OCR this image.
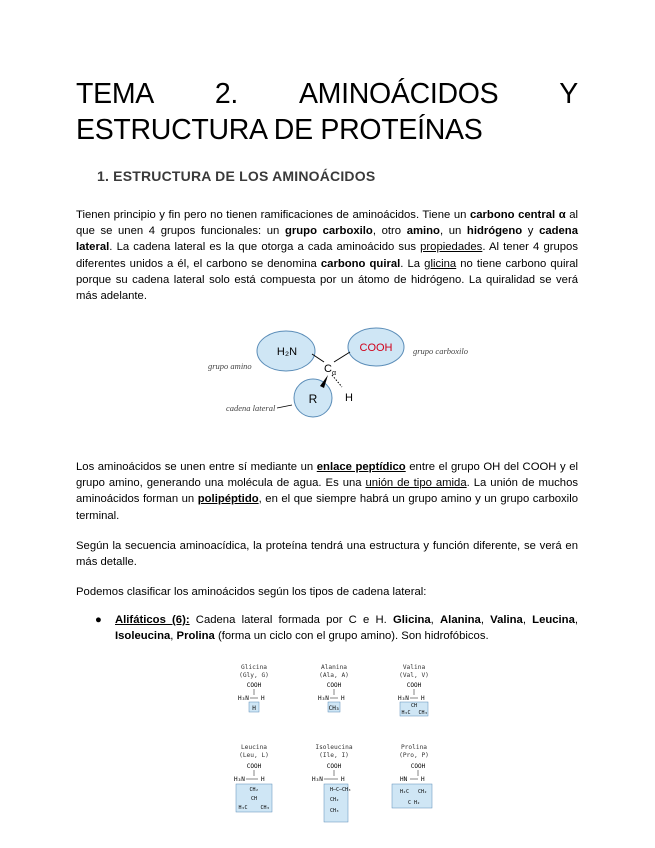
TEMA 2. AMINOÁCIDOS Y
ESTRUCTURA DE PROTEÍNAS
1. ESTRUCTURA DE LOS AMINOÁCIDOS

Tienen principio y fin pero no tienen ramificaciones de aminoácidos. Tiene un carbono central α al que se unen 4 grupos funcionales: un grupo carboxilo, otro amino, un hidrógeno y cadena lateral. La cadena lateral es la que otorga a cada aminoácido sus propiedades. Al tener 4 grupos diferentes unidos a él, el carbono se denomina carbono quiral. La glicina no tiene carbono quiral porque su cadena lateral solo está compuesta por un átomo de hidrógeno. La quiralidad se verá más adelante.

H₂N	COOH
C α
R	H
grupo amino
grupo carboxilo
cadena lateral

Los aminoácidos se unen entre sí mediante un enlace peptídico entre el grupo OH del COOH y el grupo amino, generando una molécula de agua. Es una unión de tipo amida. La unión de muchos aminoácidos forman un polipéptido, en el que siempre habrá un grupo amino y un grupo carboxilo terminal.

Según la secuencia aminoacídica, la proteína tendrá una estructura y función diferente, se verá en más detalle.

Podemos clasificar los aminoácidos según los tipos de cadena lateral:

● Alifáticos (6): Cadena lateral formada por C e H. Glicina, Alanina, Valina, Leucina, Isoleucina, Prolina (forma un ciclo con el grupo amino). Son hidrofóbicos.
Glicina
(Gly, G)
COOH
H₃N H
H
Alanina
(Ala, A)
COOH
H₃N H
CH₃
Valina
(Val, V)
COOH
H₃N H
CH
H₃C CH₃
Leucina
(Leu, L)
COOH
H₃N	H
CH₂
CH
H₃C	CH₃
Isoleucina
(Ile, I)
COOH
H₃N	H
H—C—CH₃
CH₂
CH₃
Prolina
(Pro, P)
COOH
HN H
H₂C CH₂
C H₂
